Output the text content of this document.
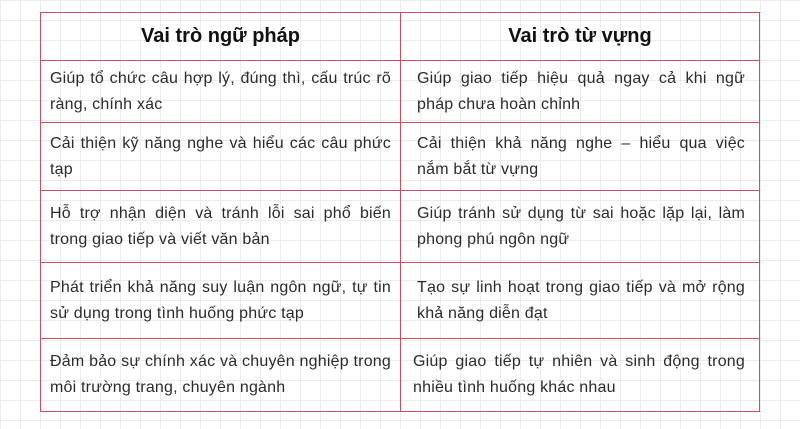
Vai trò ngữ pháp	Vai trò từ vựng
Giúp tổ chức câu hợp lý, đúng thì, cấu trúc rõ ràng, chính xác
Giúp giao tiếp hiệu quả ngay cả khi ngữ pháp chưa hoàn chỉnh
Cải thiện kỹ năng nghe và hiểu các câu phức tạp
Cải thiện khả năng nghe – hiểu qua việc nắm bắt từ vựng
Hỗ trợ nhận diện và tránh lỗi sai phổ biến trong giao tiếp và viết văn bản
Giúp tránh sử dụng từ sai hoặc lặp lại, làm phong phú ngôn ngữ
Phát triển khả năng suy luận ngôn ngữ, tự tin sử dụng trong tình huống phức tạp
Tạo sự linh hoạt trong giao tiếp và mở rộng khả năng diễn đạt
Đảm bảo sự chính xác và chuyên nghiệp trong môi trường trang, chuyên ngành
Giúp giao tiếp tự nhiên và sinh động trong nhiều tình huống khác nhau
